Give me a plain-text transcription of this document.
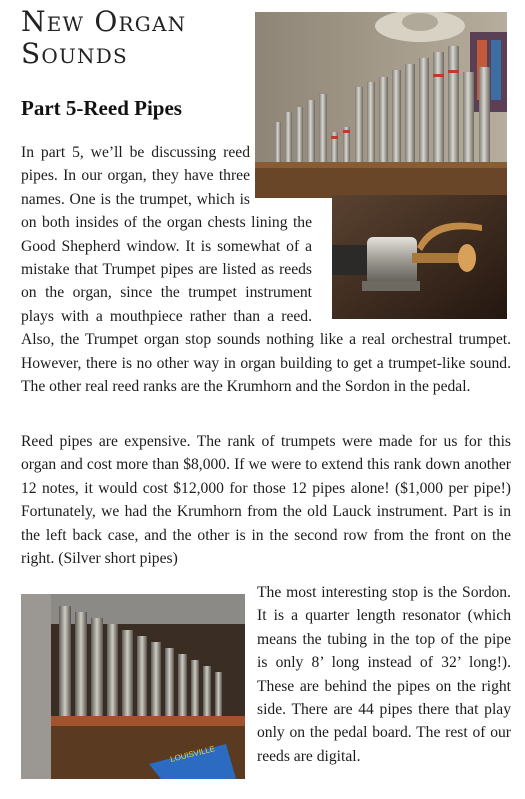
New Organ
Sounds
Part 5-Reed Pipes
LOUISVILLE
In part 5, we’ll be discussing reed pipes. In our organ, they have three names. One is the trumpet, which is on both insides of the organ chests lining the Good Shepherd window. It is somewhat of a mistake that Trumpet pipes are listed as reeds on the organ, since the trumpet instrument plays with a mouthpiece rather than a reed. Also, the Trumpet organ stop sounds nothing like a real orchestral trumpet. However, there is no other way in organ building to get a trumpet-like sound. The other real reed ranks are the Krumhorn and the Sordon in the pedal.
Reed pipes are expensive. The rank of trumpets were made for us for this organ and cost more than $8,000. If we were to extend this rank down another 12 notes, it would cost $12,000 for those 12 pipes alone! ($1,000 per pipe!) Fortunately, we had the Krumhorn from the old Lauck instrument. Part is in the left back case, and the other is in the second row from the front on the right. (Silver short pipes)
The most interesting stop is the Sordon. It is a quarter length resonator (which means the tubing in the top of the pipe is only 8’ long instead of 32’ long!). These are behind the pipes on the right side. There are 44 pipes there that play only on the pedal board. The rest of our reeds are digital.
